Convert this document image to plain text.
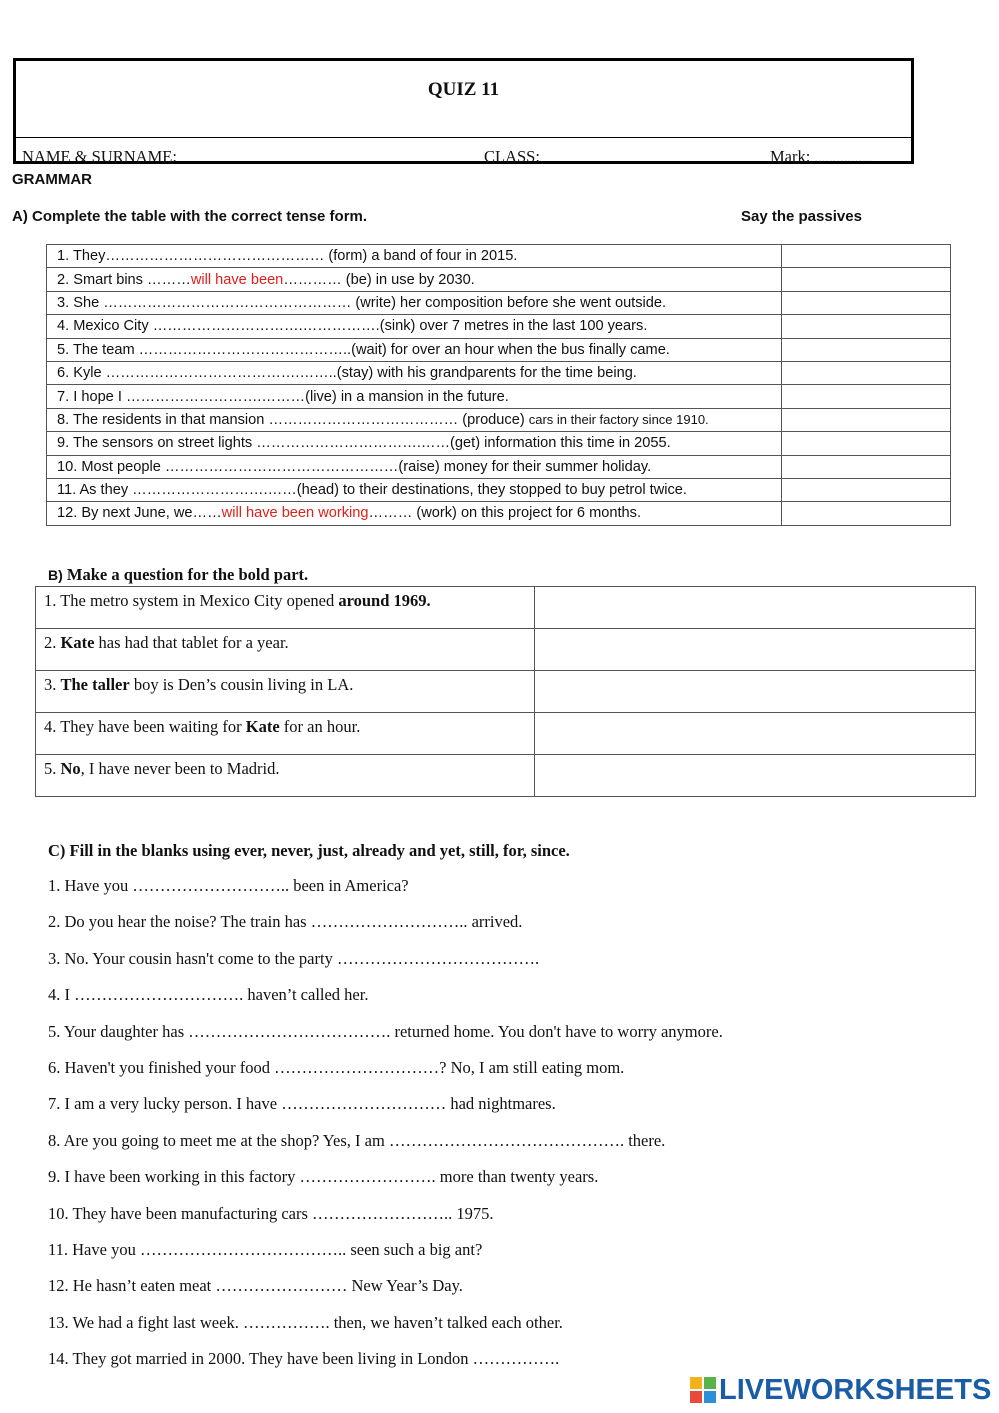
QUIZ 11
NAME & SURNAME:	CLASS:	Mark: …………….
GRAMMAR
A) Complete the table with the correct tense form.	Say the passives
1. They……………………………………… (form) a band of four in 2015.	
2. Smart bins ………will have been………… (be) in use by 2030.	
3. She …………………………………………… (write) her composition before she went outside.	
4. Mexico City ………………………….…………….(sink) over 7 metres in the last 100 years.	
5. The team ……………………………………..(wait) for over an hour when the bus finally came.	
6. Kyle ………………………………….……..(stay) with his grandparents for the time being.	
7. I hope I ……………………….………(live) in a mansion in the future.	
8. The residents in that mansion ………………………………… (produce) cars in their factory since 1910.	
9. The sensors on street lights …………………………….……(get) information this time in 2055.	
10. Most people …………………………………………(raise) money for their summer holiday.	
11. As they ……………………….……(head) to their destinations, they stopped to buy petrol twice.	
12. By next June, we……will have been working……… (work) on this project for 6 months.	
B) Make a question for the bold part.
1. The metro system in Mexico City opened around 1969.	
2. Kate has had that tablet for a year.	
3. The taller boy is Den’s cousin living in LA.	
4. They have been waiting for Kate for an hour.	
5. No, I have never been to Madrid.	
C) Fill in the blanks using ever, never, just, already and yet, still, for, since.
1. Have you ……………………….. been in America?
2. Do you hear the noise? The train has ……………………….. arrived.
3. No. Your cousin hasn't come to the party ……………………………….
4. I …………………………. haven’t called her.
5. Your daughter has ………………………………. returned home. You don't have to worry anymore.
6. Haven't you finished your food …………………………? No, I am still eating mom.
7. I am a very lucky person. I have ………………………… had nightmares.
8. Are you going to meet me at the shop? Yes, I am ……………………………………. there.
9. I have been working in this factory ……………………. more than twenty years.
10. They have been manufacturing cars …………………….. 1975.
11. Have you ……………………………….. seen such a big ant?
12. He hasn’t eaten meat …………………… New Year’s Day.
13. We had a fight last week. ……………. then, we haven’t talked each other.
14. They got married in 2000. They have been living in London …………….
LIVEWORKSHEETS
